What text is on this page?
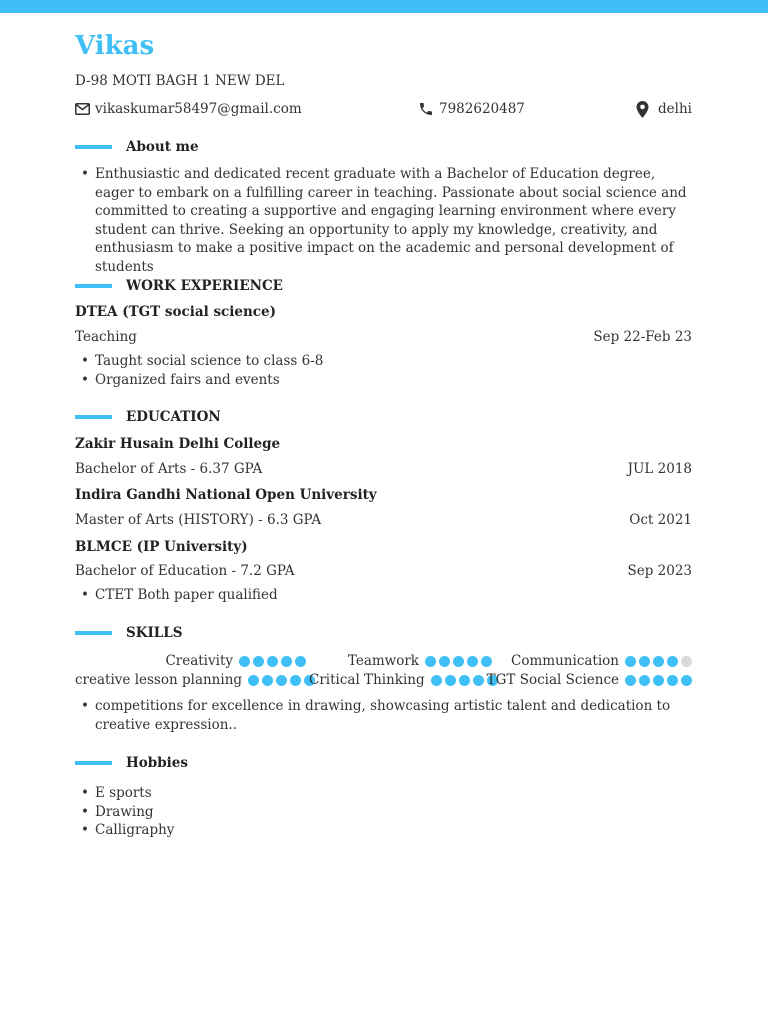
Vikas
D-98 MOTI BAGH 1 NEW DEL
vikaskumar58497@gmail.com	7982620487	delhi
About me
• Enthusiastic and dedicated recent graduate with a Bachelor of Education degree, eager to embark on a fulfilling career in teaching. Passionate about social science and committed to creating a supportive and engaging learning environment where every student can thrive. Seeking an opportunity to apply my knowledge, creativity, and enthusiasm to make a positive impact on the academic and personal development of students
WORK EXPERIENCE
DTEA (TGT social science)
Teaching	Sep 22-Feb 23
• Taught social science to class 6-8
• Organized fairs and events
EDUCATION
Zakir Husain Delhi College
Bachelor of Arts - 6.37 GPA	JUL 2018
Indira Gandhi National Open University
Master of Arts (HISTORY) - 6.3 GPA	Oct 2021
BLMCE (IP University)
Bachelor of Education - 7.2 GPA	Sep 2023
• CTET Both paper qualified
SKILLS
Creativity	Teamwork	Communication
creative lesson planning	Critical Thinking	TGT Social Science
• competitions for excellence in drawing, showcasing artistic talent and dedication to creative expression..
Hobbies
• E sports
• Drawing
• Calligraphy
